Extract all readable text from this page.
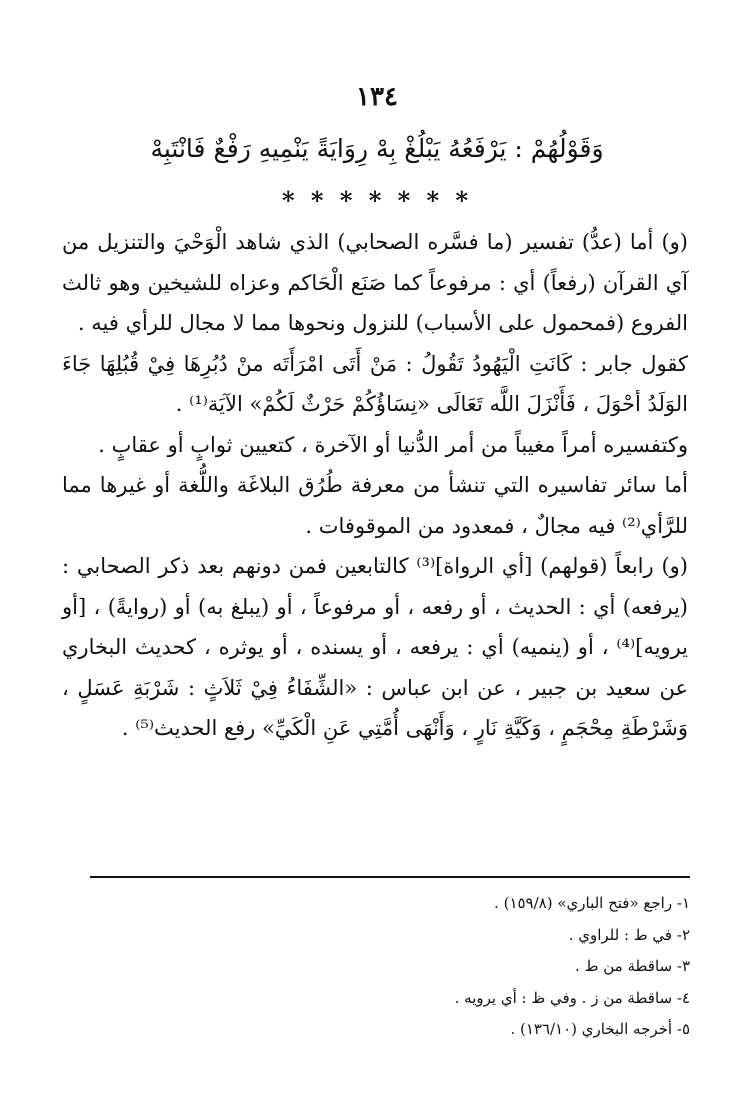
١٣٤
وَقَوْلُهُمْ : يَرْفَعُهُ يَبْلُغْ بِهْ رِوَايَةً يَنْمِيهِ رَفْعٌ فَانْتَبِهْ
* * * * * * *

(و) أما (عدُّ) تفسير (ما فسَّره الصحابي) الذي شاهد الْوَحْيَ والتنزيل من آي القرآن (رفعاً) أي : مرفوعاً كما صَنَع الْحَاكم وعزاه للشيخين وهو ثالث الفروع (فمحمول على الأسباب) للنزول ونحوها مما لا مجال للرأي فيه .

كقول جابر : كَانَتِ الْيَهُودُ تَقُولُ : مَنْ أَتَى امْرَأَتَه منْ دُبُرِهَا فِيْ قُبُلِهَا جَاءَ الوَلَدُ أحْوَلَ ، فَأَنْزَلَ اللَّه تَعَالَى «نِسَاؤُكُمْ حَرْثٌ لَكُمْ» الآيَة⁽¹⁾ .

وكتفسيره أمراً مغيباً من أمر الدُّنيا أو الآخرة ، كتعيين ثوابٍ أو عقابٍ .

أما سائر تفاسيره التي تنشأ من معرفة طُرُق البلاغَة واللُّغة أو غيرها مما للرَّأي⁽²⁾ فيه مجالٌ ، فمعدود من الموقوفات .

(و) رابعاً (قولهم) [أي الرواة]⁽³⁾ كالتابعين فمن دونهم بعد ذكر الصحابي : (يرفعه) أي : الحديث ، أو رفعه ، أو مرفوعاً ، أو (يبلغ به) أو (روايةً) ، [أو يرويه]⁽⁴⁾ ، أو (ينميه) أي : يرفعه ، أو يسنده ، أو يوثره ، كحديث البخاري عن سعيد بن جبير ، عن ابن عباس : «الشِّفَاءُ فِيْ ثَلاَثٍ : شَرْبَةِ عَسَلٍ ، وَشَرْطَةِ مِحْجَمٍ ، وَكَيَّةِ نَارٍ ، وَأَنْهَى أُمَّتِي عَنِ الْكَيِّ» رفع الحديث⁽⁵⁾ .

١- راجع «فتح الباري» (١٥٩/٨) .
٢- في ط : للراوي .
٣- ساقطة من ط .
٤- ساقطة من ز . وفي ظ : أي يرويه .
٥- أخرجه البخاري (١٣٦/١٠) .
